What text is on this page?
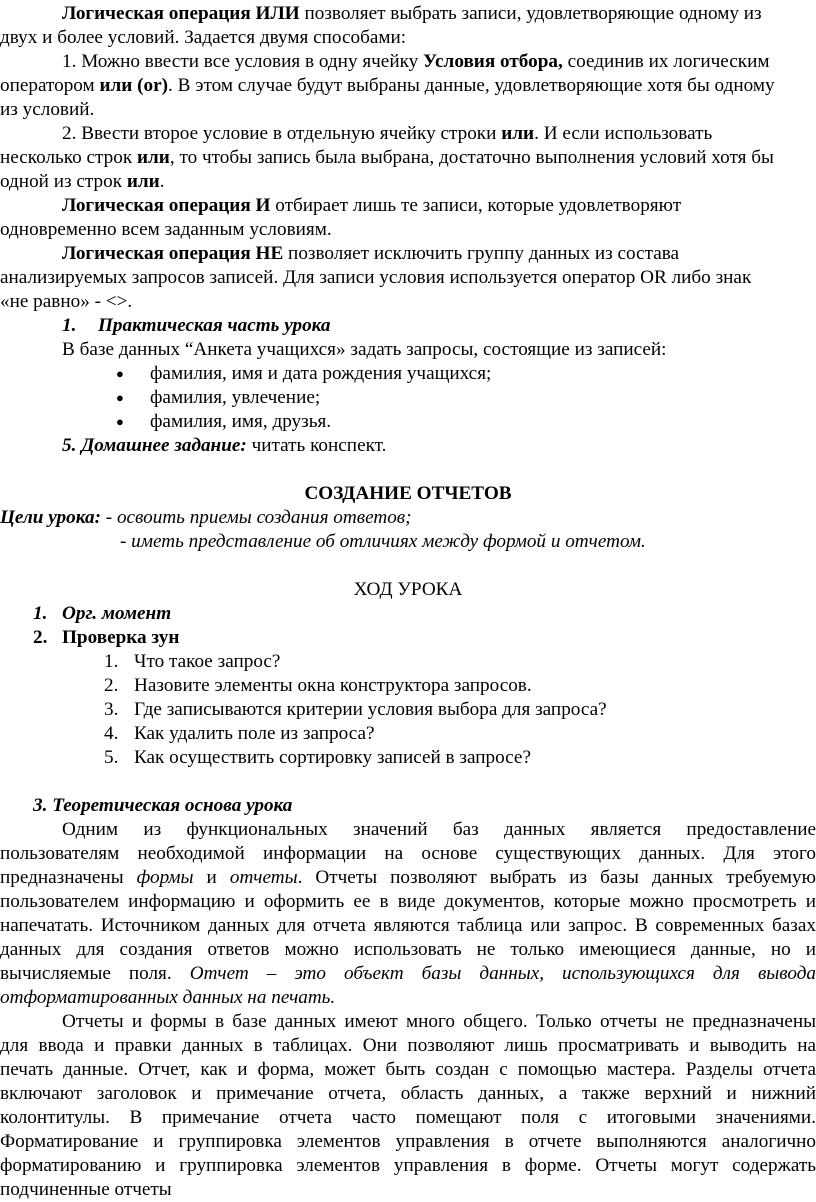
Логическая операция ИЛИ позволяет выбрать записи, удовлетворяющие одному из
двух и более условий. Задается двумя способами:
1. Можно ввести все условия в одну ячейку Условия отбора, соединив их логическим
оператором или (or). В этом случае будут выбраны данные, удовлетворяющие хотя бы одному
из условий.
2. Ввести второе условие в отдельную ячейку строки или. И если использовать
несколько строк или, то чтобы запись была выбрана, достаточно выполнения условий хотя бы
одной из строк или.
Логическая операция И отбирает лишь те записи, которые удовлетворяют
одновременно всем заданным условиям.
Логическая операция НЕ позволяет исключить группу данных из состава
анализируемых запросов записей. Для записи условия используется оператор OR либо знак
«не равно» - <>.
1. Практическая часть урока
В базе данных “Анкета учащихся» задать запросы, состоящие из записей:
● фамилия, имя и дата рождения учащихся;
● фамилия, увлечение;
● фамилия, имя, друзья.
5. Домашнее задание: читать конспект.
СОЗДАНИЕ ОТЧЕТОВ
Цели урока: - освоить приемы создания ответов;
- иметь представление об отличиях между формой и отчетом.
ХОД УРОКА
1. Орг. момент
2. Проверка зун
1. Что такое запрос?
2. Назовите элементы окна конструктора запросов.
3. Где записываются критерии условия выбора для запроса?
4. Как удалить поле из запроса?
5. Как осуществить сортировку записей в запросе?
3. Теоретическая основа урока
Одним из функциональных значений баз данных является предоставление
пользователям необходимой информации на основе существующих данных. Для этого
предназначены формы и отчеты. Отчеты позволяют выбрать из базы данных требуемую
пользователем информацию и оформить ее в виде документов, которые можно просмотреть и
напечатать. Источником данных для отчета являются таблица или запрос. В современных базах
данных для создания ответов можно использовать не только имеющиеся данные, но и
вычисляемые поля. Отчет – это объект базы данных, использующихся для вывода
отформатированных данных на печать.
Отчеты и формы в базе данных имеют много общего. Только отчеты не предназначены
для ввода и правки данных в таблицах. Они позволяют лишь просматривать и выводить на
печать данные. Отчет, как и форма, может быть создан с помощью мастера. Разделы отчета
включают заголовок и примечание отчета, область данных, а также верхний и нижний
колонтитулы. В примечание отчета часто помещают поля с итоговыми значениями.
Форматирование и группировка элементов управления в отчете выполняются аналогично
форматированию и группировка элементов управления в форме. Отчеты могут содержать
подчиненные отчеты
